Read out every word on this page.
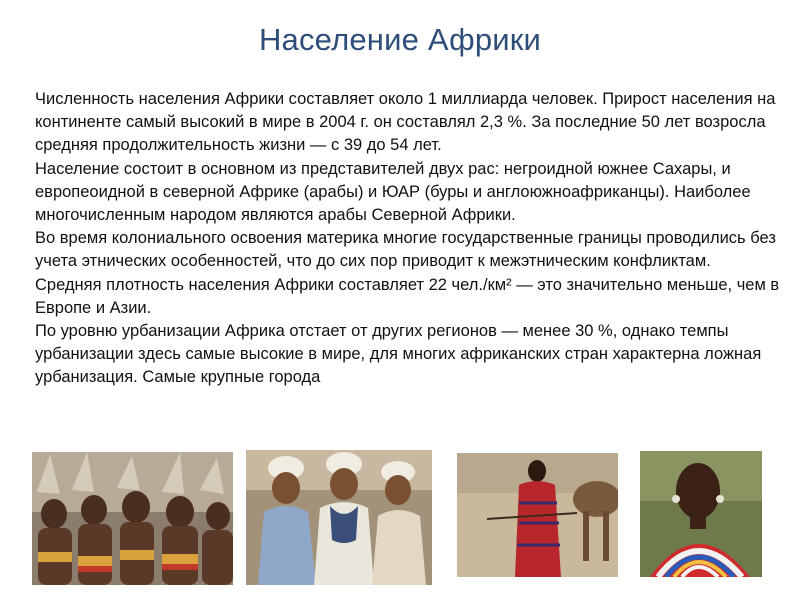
Население Африки

Численность населения Африки составляет около 1 миллиарда человек. Прирост населения на континенте самый высокий в мире в 2004 г. он составлял 2,3 %. За последние 50 лет возросла средняя продолжительность жизни — с 39 до 54 лет.

Население состоит в основном из представителей двух рас: негроидной южнее Сахары, и европеоидной в северной Африке (арабы) и ЮАР (буры и англоюжноафриканцы). Наиболее многочисленным народом являются арабы Северной Африки.

Во время колониального освоения материка многие государственные границы проводились без учета этнических особенностей, что до сих пор приводит к межэтническим конфликтам. Средняя плотность населения Африки составляет 22 чел./км² — это значительно меньше, чем в Европе и Азии.

По уровню урбанизации Африка отстает от других регионов — менее 30 %, однако темпы урбанизации здесь самые высокие в мире, для многих африканских стран характерна ложная урбанизация. Самые крупные города
